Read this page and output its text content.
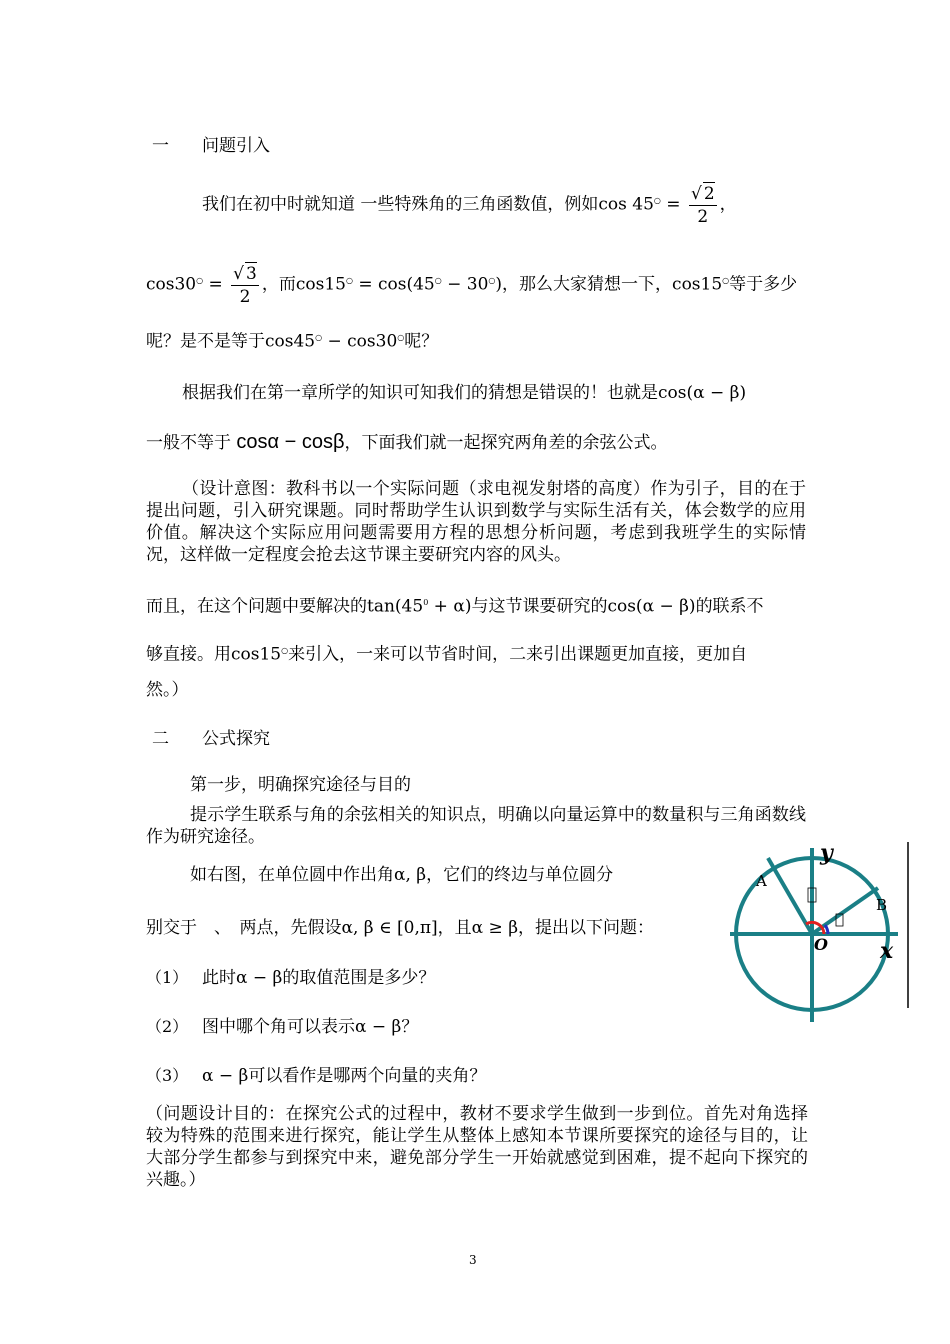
一 问题引入
我们在初中时就知道 一些特殊角的三角函数值，例如$\cos 45^○ = \frac{√ 2}{2}$ ，
$\cos 30^○ = \frac{√ 3}{2}$ ，而cos15○ = cos(45○ − 30○)，那么大家猜想一下，cos15○等于多少
呢？是不是等于cos45○ − cos30○呢？
根据我们在第一章所学的知识可知我们的猜想是错误的！也就是cos(α − β)
一般不等于 cosα − cosβ，下面我们就一起探究两角差的余弦公式。
（设计意图：教科书以一个实际问题（求电视发射塔的高度）作为引子，目的在于提出问题，引入研究课题。同时帮助学生认识到数学与实际生活有关，体会数学的应用价值。解决这个实际应用问题需要用方程的思想分析问题，考虑到我班学生的实际情况，这样做一定程度会抢去这节课主要研究内容的风头。
而且，在这个问题中要解决的$\tan(45^0 + \alpha)$与这节课要研究的cos(α − β)的联系不
够直接。用cos15○来引入，一来可以节省时间，二来引出课题更加直接，更加自
然。）
二 公式探究
第一步，明确探究途径与目的
提示学生联系与角的余弦相关的知识点，明确以向量运算中的数量积与三角函数线作为研究途径。
如右图，在单位圆中作出角α, β，它们的终边与单位圆分
别交于　、　两点，先假设α, β ∈ [0,π]，且α ≥ β，提出以下问题：
（1） 此时α − β的取值范围是多少？
（2） 图中哪个角可以表示α − β？
（3） α − β可以看作是哪两个向量的夹角？
（问题设计目的：在探究公式的过程中，教材不要求学生做到一步到位。首先对角选择较为特殊的范围来进行探究，能让学生从整体上感知本节课所要探究的途径与目的，让大部分学生都参与到探究中来，避免部分学生一开始就感觉到困难，提不起向下探究的兴趣。）
y
x
O
A
B
3
